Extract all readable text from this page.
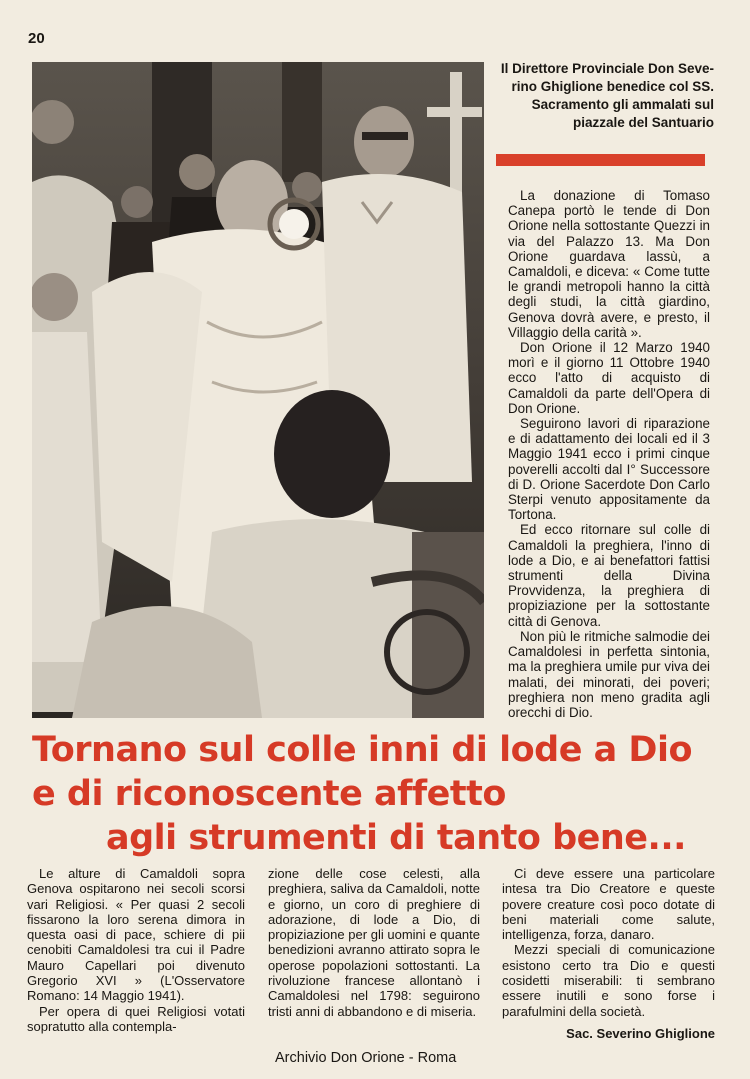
20
Il Direttore Provinciale Don Seve-
rino Ghiglione benedice col SS.
Sacramento gli ammalati sul
piazzale del Santuario

La donazione di Tomaso Canepa portò le tende di Don Orione nella sottostante Quezzi in via del Palazzo 13. Ma Don Orione guardava lassù, a Camaldoli, e diceva: « Come tutte le grandi metropoli hanno la città degli studi, la città giardino, Genova dovrà avere, e presto, il Villaggio della carità ».

Don Orione il 12 Marzo 1940 morì e il giorno 11 Ottobre 1940 ecco l'atto di acquisto di Camaldoli da parte dell'Opera di Don Orione.

Seguirono lavori di riparazione e di adattamento dei locali ed il 3 Maggio 1941 ecco i primi cinque poverelli accolti dal I° Successore di D. Orione Sacerdote Don Carlo Sterpi venuto appositamente da Tortona.

Ed ecco ritornare sul colle di Camaldoli la preghiera, l'inno di lode a Dio, e ai benefattori fattisi strumenti della Divina Provvidenza, la preghiera di propiziazione per la sottostante città di Genova.

Non più le ritmiche salmodie dei Camaldolesi in perfetta sintonia, ma la preghiera umile pur viva dei malati, dei minorati, dei poveri; preghiera non meno gradita agli orecchi di Dio.

Tornano sul colle inni di lode a Dio
e di riconoscente affetto
agli strumenti di tanto bene...

Le alture di Camaldoli sopra Genova ospitarono nei secoli scorsi vari Religiosi. « Per quasi 2 secoli fissarono la loro serena dimora in questa oasi di pace, schiere di pii cenobiti Camaldolesi tra cui il Padre Mauro Capellari poi divenuto Gregorio XVI » (L'Osservatore Romano: 14 Maggio 1941).

Per opera di quei Religiosi votati sopratutto alla contempla-

zione delle cose celesti, alla preghiera, saliva da Camaldoli, notte e giorno, un coro di preghiere di adorazione, di lode a Dio, di propiziazione per gli uomini e quante benedizioni avranno attirato sopra le operose popolazioni sottostanti. La rivoluzione francese allontanò i Camaldolesi nel 1798: seguirono tristi anni di abbandono e di miseria.

Ci deve essere una particolare intesa tra Dio Creatore e queste povere creature così poco dotate di beni materiali come salute, intelligenza, forza, danaro.

Mezzi speciali di comunicazione esistono certo tra Dio e questi cosidetti miserabili: ti sembrano essere inutili e sono forse i parafulmini della società.

Sac. Severino Ghiglione
Archivio Don Orione - Roma
